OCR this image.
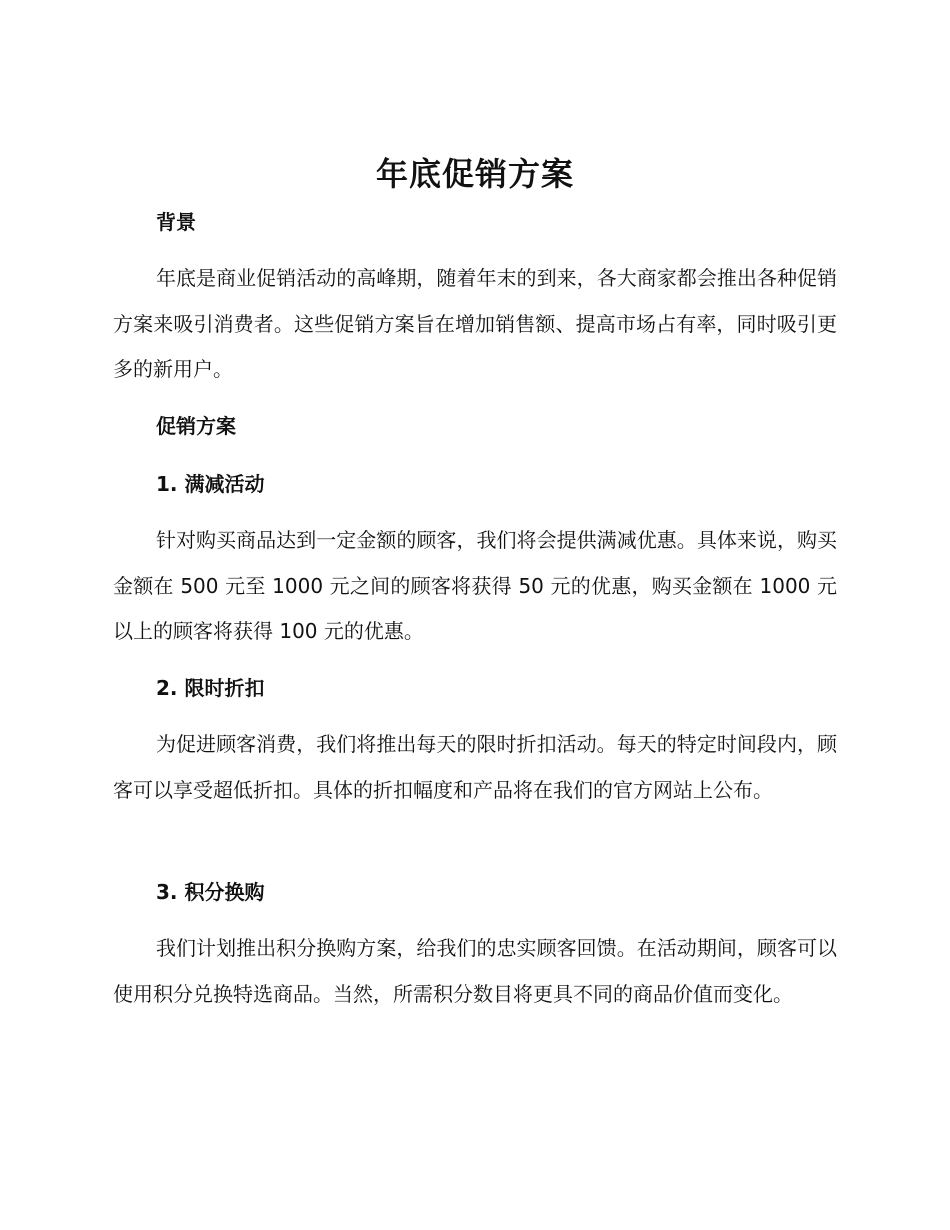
年底促销方案
背景

年底是商业促销活动的高峰期，随着年末的到来，各大商家都会推出各种促销方案来吸引消费者。这些促销方案旨在增加销售额、提高市场占有率，同时吸引更多的新用户。

促销方案
1. 满减活动

针对购买商品达到一定金额的顾客，我们将会提供满减优惠。具体来说，购买金额在 500 元至 1000 元之间的顾客将获得 50 元的优惠，购买金额在 1000 元以上的顾客将获得 100 元的优惠。

2. 限时折扣

为促进顾客消费，我们将推出每天的限时折扣活动。每天的特定时间段内，顾客可以享受超低折扣。具体的折扣幅度和产品将在我们的官方网站上公布。

3. 积分换购

我们计划推出积分换购方案，给我们的忠实顾客回馈。在活动期间，顾客可以使用积分兑换特选商品。当然，所需积分数目将更具不同的商品价值而变化。
